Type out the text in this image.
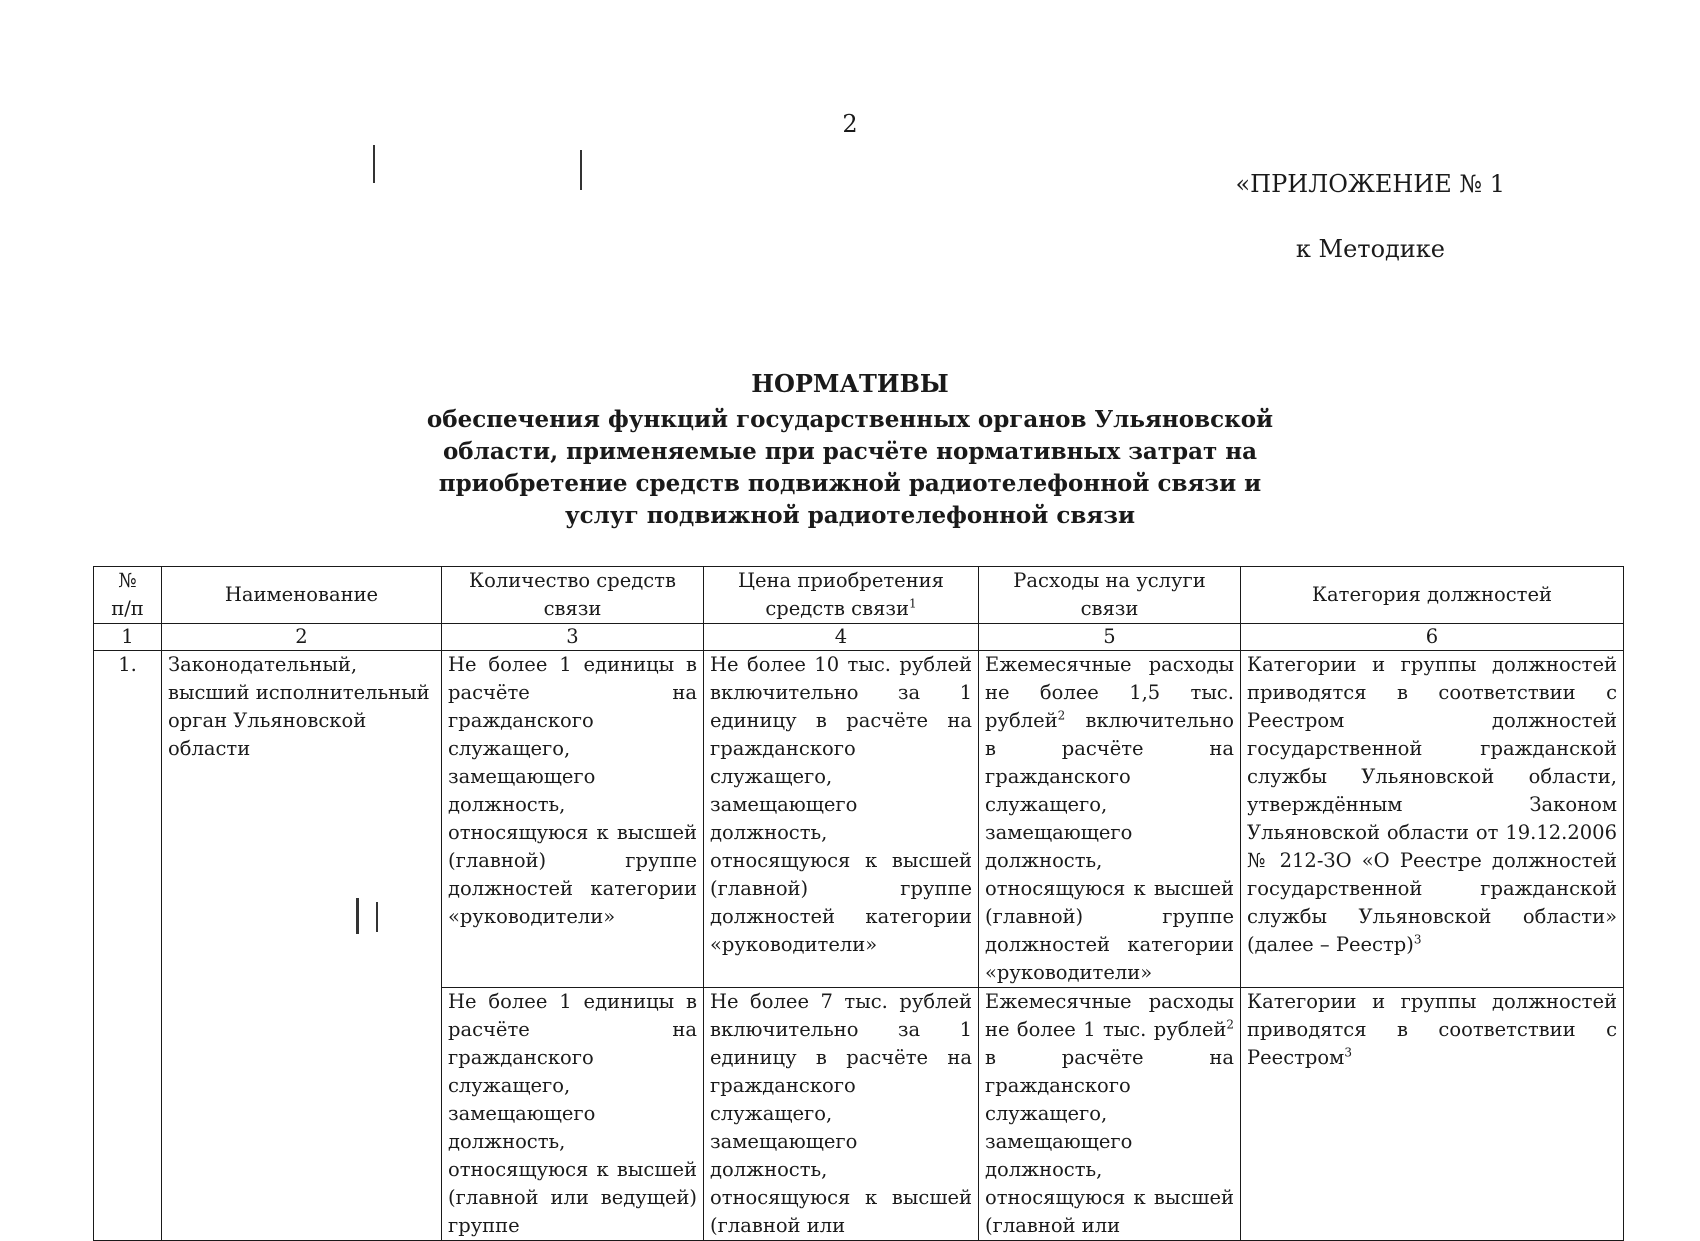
2
«ПРИЛОЖЕНИЕ № 1
к Методике
НОРМАТИВЫ
обеспечения функций государственных органов Ульяновской
области, применяемые при расчёте нормативных затрат на
приобретение средств подвижной радиотелефонной связи и
услуг подвижной радиотелефонной связи
№
п/п	Наименование	Количество средств связи	Цена приобретения средств связи$^1$	Расходы на услуги связи	Категория должностей
1	2	3	4	5	6
1.	Законодательный, высший исполнительный орган Ульяновской области	Не более 1 единицы в расчёте на гражданского служащего, замещающего должность, относящуюся к высшей (главной) группе должностей категории «руководители»	Не более 10 тыс. рублей включительно за 1 единицу в расчёте на гражданского служащего, замещающего должность, относящуюся к высшей (главной) группе должностей категории «руководители»	Ежемесячные расходы не более 1,5 тыс. рублей$^2$ включительно в расчёте на гражданского служащего, замещающего должность, относящуюся к высшей (главной) группе должностей категории «руководители»	Категории и группы должностей приводятся в соответствии с Реестром должностей государственной гражданской службы Ульяновской области, утверждённым Законом Ульяновской области от 19.12.2006 № 212-ЗО «О Реестре должностей государственной гражданской службы Ульяновской области» (далее – Реестр)$^3$
		Не более 1 единицы в расчёте на гражданского служащего, замещающего должность, относящуюся к высшей (главной или ведущей) группе	Не более 7 тыс. рублей включительно за 1 единицу в расчёте на гражданского служащего, замещающего должность, относящуюся к высшей (главной или	Ежемесячные расходы не более 1 тыс. рублей$^2$ в расчёте на гражданского служащего, замещающего должность, относящуюся к высшей (главной или	Категории и группы должностей приводятся в соответствии с Реестром$^3$
